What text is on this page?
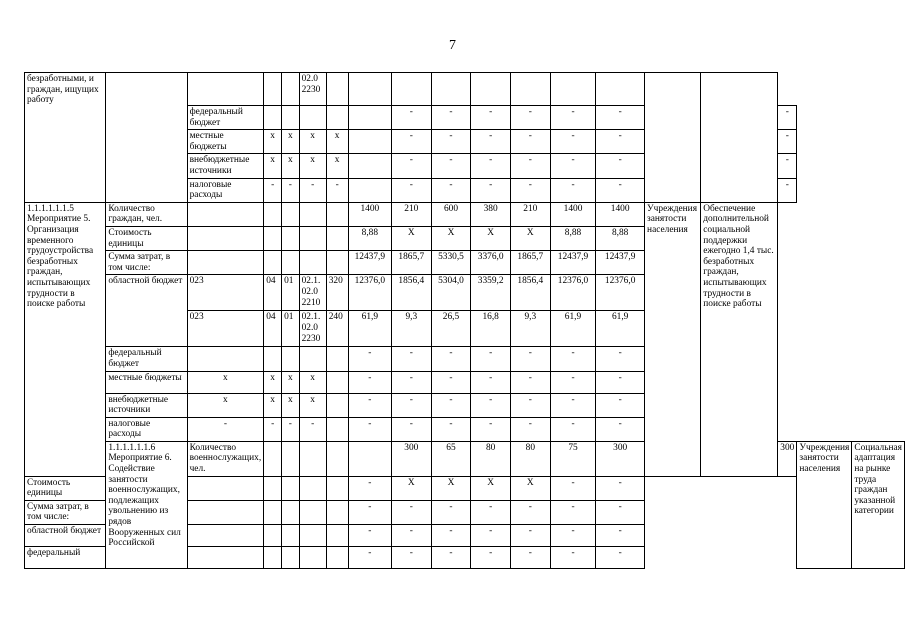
7
безработными, и граждан, ищущих работу					02.0 2230													
		федеральный бюджет						-	-	-	-	-	-			-		
		местные бюджеты	х	х	х	х		-	-	-	-	-	-			-		
		внебюджетные источники	х	х	х	х		-	-	-	-	-	-			-		
		налоговые расходы	-	-	-	-		-	-	-	-	-	-			-		
1.1.1.1.1.1.5 Мероприятие 5. Организация временного трудоустройства безработных граждан, испытывающих трудности в поиске работы	Количество граждан, чел.						1400	210	600	380	210	1400	1400	Учреждения занятости населения	Обеспечение дополнительной социальной поддержки ежегодно 1,4 тыс. безработных граждан, испытывающих трудности в поиске работы			
	Стоимость единицы						8,88	Х	Х	Х	Х	8,88	8,88					
	Сумма затрат, в том числе:						12437,9	1865,7	5330,5	3376,0	1865,7	12437,9	12437,9					
	областной бюджет	023	04	01	02.1. 02.0 2210	320	12376,0	1856,4	5304,0	3359,2	1856,4	12376,0	12376,0					
		023	04	01	02.1. 02.0 2230	240	61,9	9,3	26,5	16,8	9,3	61,9	61,9					
	федеральный бюджет						-	-	-	-	-	-	-					
	местные бюджеты	х	х	х	х		-	-	-	-	-	-	-					
	внебюджетные источники	х	х	х	х		-	-	-	-	-	-	-					
	налоговые расходы	-	-	-	-		-	-	-	-	-	-	-					
	1.1.1.1.1.1.6 Мероприятие 6. Содействие занятости военнослужащих, подлежащих увольнению из рядов Вооруженных сил Российской	Количество военнослужащих, чел.						300	65	80	80	75	300			300	Учреждения занятости населения	Социальная адаптация на рынке труда граждан указанной категории
Стоимость единицы							-	Х	Х	Х	Х	-	-					
Сумма затрат, в том числе:							-	-	-	-	-	-	-					
областной бюджет							-	-	-	-	-	-	-					
федеральный							-	-	-	-	-	-	-					
